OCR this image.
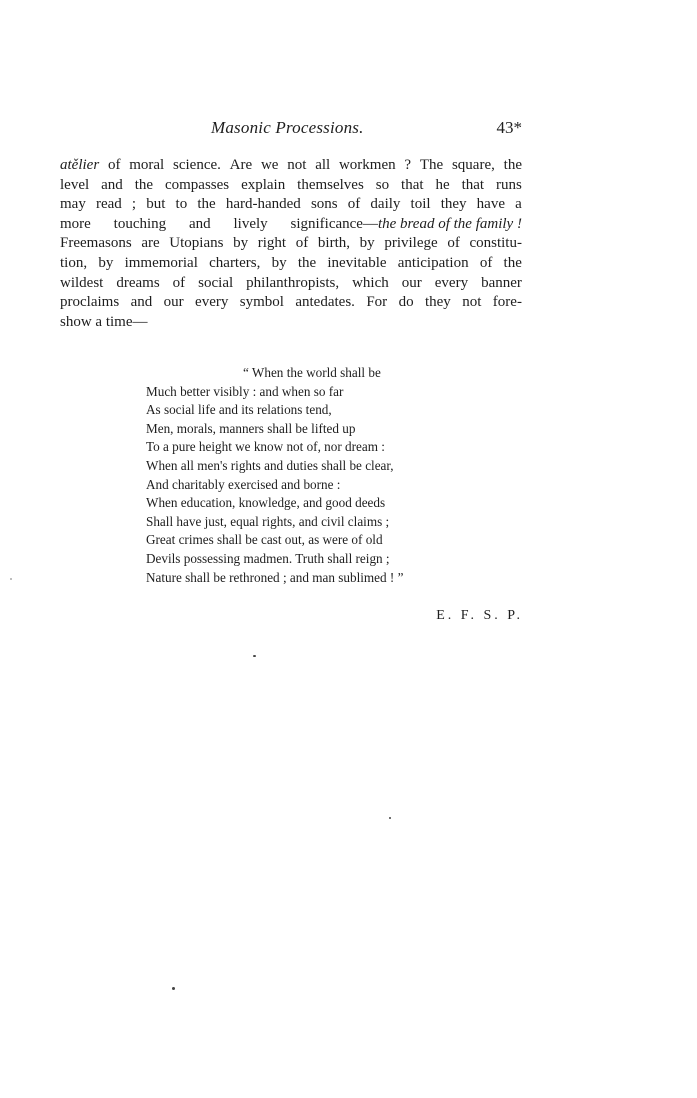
Masonic Processions.	43*
atělier of moral science. Are we not all workmen ? The square, the
level and the compasses explain themselves so that he that runs
may read ; but to the hard-handed sons of daily toil they have a
more touching and lively significance—the bread of the family !
Freemasons are Utopians by right of birth, by privilege of constitu-
tion, by immemorial charters, by the inevitable anticipation of the
wildest dreams of social philanthropists, which our every banner
proclaims and our every symbol antedates. For do they not fore-
show a time—
“ When the world shall be
Much better visibly : and when so far
As social life and its relations tend,
Men, morals, manners shall be lifted up
To a pure height we know not of, nor dream :
When all men's rights and duties shall be clear,
And charitably exercised and borne :
When education, knowledge, and good deeds
Shall have just, equal rights, and civil claims ;
Great crimes shall be cast out, as were of old
Devils possessing madmen. Truth shall reign ;
Nature shall be rethroned ; and man sublimed ! ”
E. F. S. P.
